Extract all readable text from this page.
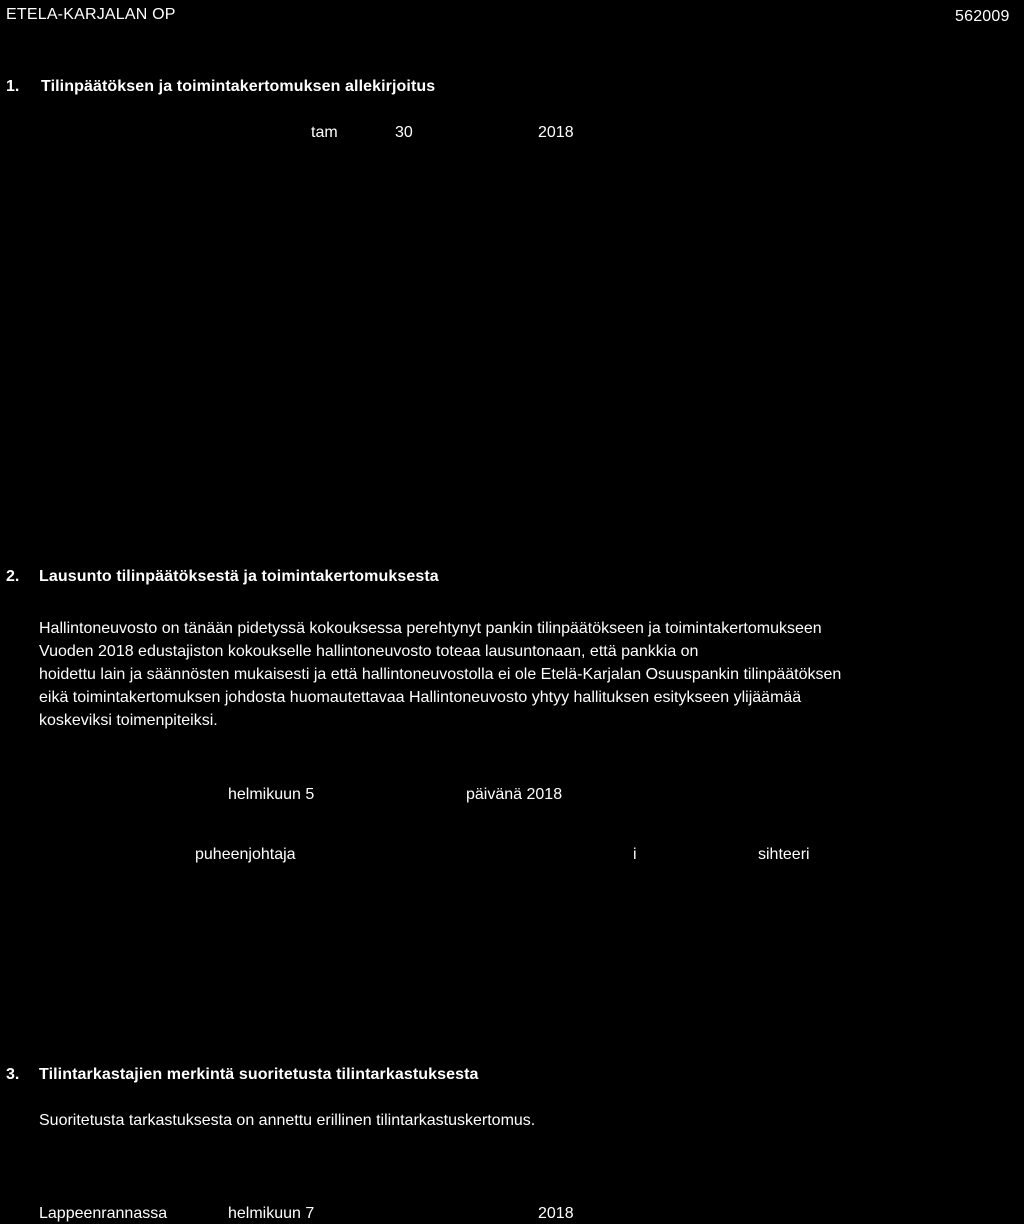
ETELA-KARJALAN OP	562009
1. Tilinpäätöksen ja toimintakertomuksen allekirjoitus
tam	30	2018
2. Lausunto tilinpäätöksestä ja toimintakertomuksesta
Hallintoneuvosto on tänään pidetyssä kokouksessa perehtynyt pankin tilinpäätökseen ja toimintakertomukseen
Vuoden 2018 edustajiston kokoukselle hallintoneuvosto toteaa lausuntonaan, että pankkia on
hoidettu lain ja säännösten mukaisesti ja että hallintoneuvostolla ei ole Etelä-Karjalan Osuuspankin tilinpäätöksen
eikä toimintakertomuksen johdosta huomautettavaa Hallintoneuvosto yhtyy hallituksen esitykseen ylijäämää
koskeviksi toimenpiteiksi.
helmikuun 5	päivänä 2018
puheenjohtaja	i	sihteeri
3. Tilintarkastajien merkintä suoritetusta tilintarkastuksesta
Suoritetusta tarkastuksesta on annettu erillinen tilintarkastuskertomus.
Lappeenrannassa	helmikuun 7	2018
